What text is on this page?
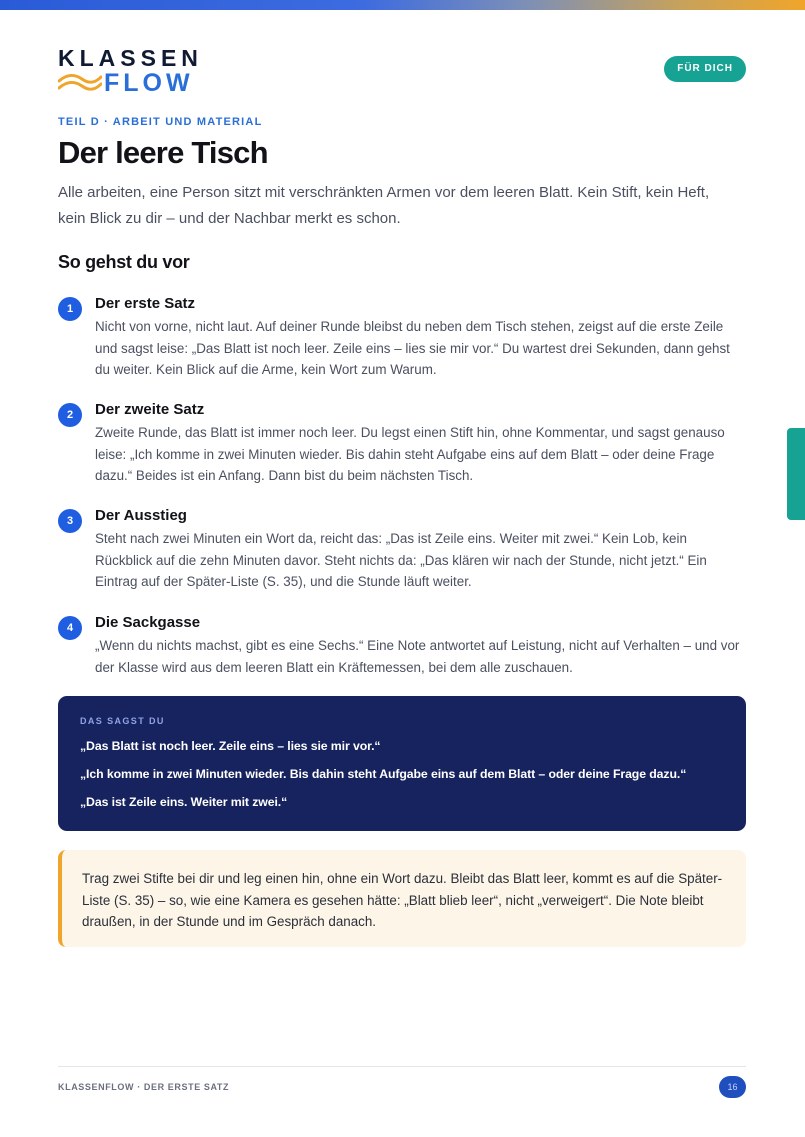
KLASSEN
FLOW
FÜR DICH
TEIL D · ARBEIT UND MATERIAL
Der leere Tisch

Alle arbeiten, eine Person sitzt mit verschränkten Armen vor dem leeren Blatt. Kein Stift, kein Heft, kein Blick zu dir – und der Nachbar merkt es schon.

So gehst du vor
1	Der erste Satz
Nicht von vorne, nicht laut. Auf deiner Runde bleibst du neben dem Tisch stehen, zeigst auf die erste Zeile und sagst leise: „Das Blatt ist noch leer. Zeile eins – lies sie mir vor.“ Du wartest drei Sekunden, dann gehst du weiter. Kein Blick auf die Arme, kein Wort zum Warum.
2	Der zweite Satz
Zweite Runde, das Blatt ist immer noch leer. Du legst einen Stift hin, ohne Kommentar, und sagst genauso leise: „Ich komme in zwei Minuten wieder. Bis dahin steht Aufgabe eins auf dem Blatt – oder deine Frage dazu.“ Beides ist ein Anfang. Dann bist du beim nächsten Tisch.
3	Der Ausstieg
Steht nach zwei Minuten ein Wort da, reicht das: „Das ist Zeile eins. Weiter mit zwei.“ Kein Lob, kein Rückblick auf die zehn Minuten davor. Steht nichts da: „Das klären wir nach der Stunde, nicht jetzt.“ Ein Eintrag auf der Später-Liste (S. 35), und die Stunde läuft weiter.
4	Die Sackgasse
„Wenn du nichts machst, gibt es eine Sechs.“ Eine Note antwortet auf Leistung, nicht auf Verhalten – und vor der Klasse wird aus dem leeren Blatt ein Kräftemessen, bei dem alle zuschauen.
DAS SAGST DU
„Das Blatt ist noch leer. Zeile eins – lies sie mir vor.“
„Ich komme in zwei Minuten wieder. Bis dahin steht Aufgabe eins auf dem Blatt – oder deine Frage dazu.“
„Das ist Zeile eins. Weiter mit zwei.“

Trag zwei Stifte bei dir und leg einen hin, ohne ein Wort dazu. Bleibt das Blatt leer, kommt es auf die Später-Liste (S. 35) – so, wie eine Kamera es gesehen hätte: „Blatt blieb leer“, nicht „verweigert“. Die Note bleibt draußen, in der Stunde und im Gespräch danach.

KLASSENFLOW · DER ERSTE SATZ	16
